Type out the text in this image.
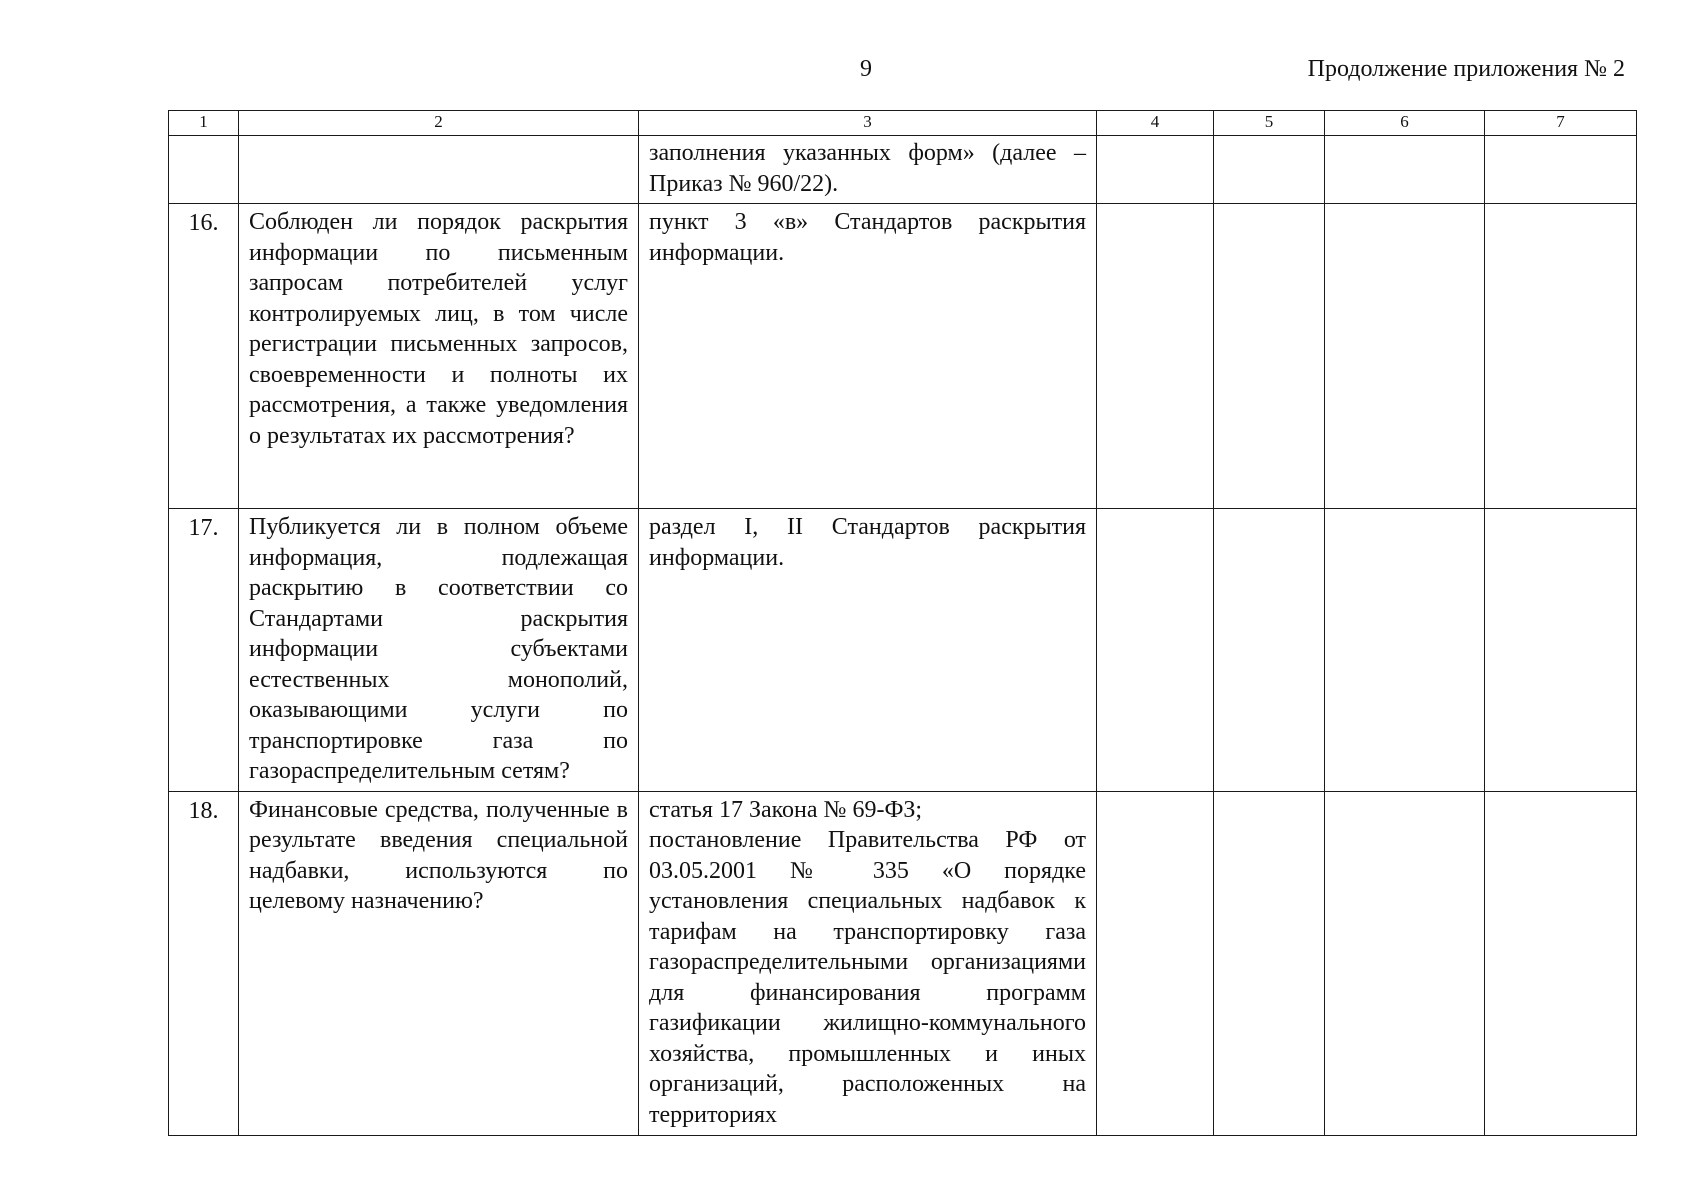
9	Продолжение приложения № 2
1	2	3	4	5	6	7
		заполнения указанных форм» (далее – Приказ № 960/22).				
16.	Соблюден ли порядок раскрытия информации по письменным запросам потребителей услуг контролируемых лиц, в том числе регистрации письменных запросов, своевременности и полноты их рассмотрения, а также уведомления о результатах их рассмотрения?	пункт 3 «в» Стандартов раскрытия информации.				
17.	Публикуется ли в полном объеме информация, подлежащая раскрытию в соответствии со Стандартами раскрытия информации субъектами естественных монополий, оказывающими услуги по транспортировке газа по газораспределительным сетям?	раздел I, II Стандартов раскрытия информации.				
18.	Финансовые средства, полученные в результате введения специальной надбавки, используются по целевому назначению?	статья 17 Закона № 69-ФЗ;
постановление Правительства РФ от 03.05.2001 № 335 «О порядке установления специальных надбавок к тарифам на транспортировку газа газораспределительными организациями для финансирования программ газификации жилищно-коммунального хозяйства, промышленных и иных организаций, расположенных на территориях				
